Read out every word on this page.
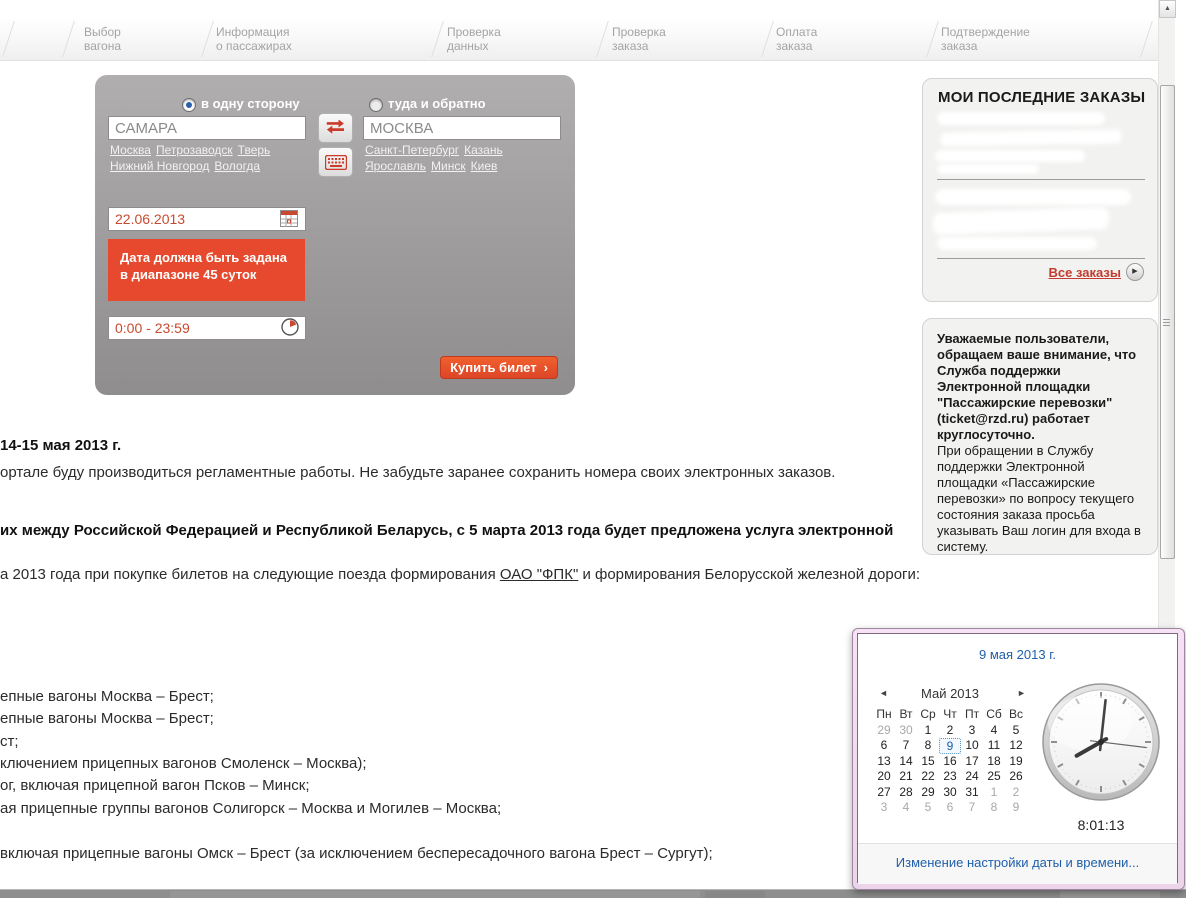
Выбор
вагона
Информация
о пассажирах
Проверка
данных
Проверка
заказа
Оплата
заказа
Подтверждение
заказа
▲
в одну сторону	туда и обратно
САМАРА
МОСКВА
Москва Петрозаводск Тверь
Нижний Новгород Вологда
Санкт-Петербург Казань
Ярославль Минск Киев
22.06.2013
Дата должна быть задана в диапазоне 45 суток
0:00 - 23:59
Купить билет ›
МОИ ПОСЛЕДНИЕ ЗАКАЗЫ
Все заказы	▶

Уважаемые пользователи, обращаем ваше внимание, что Служба поддержки Электронной площадки "Пассажирские перевозки" (ticket@rzd.ru) работает круглосуточно.

При обращении в Службу поддержки Электронной площадки «Пассажирские перевозки» по вопросу текущего состояния заказа просьба указывать Ваш логин для входа в систему.

14-15 мая 2013 г.
ортале буду производиться регламентные работы. Не забудьте заранее сохранить номера своих электронных заказов.
их между Российской Федерацией и Республикой Беларусь, с 5 марта 2013 года будет предложена услуга электронной
а 2013 года при покупке билетов на следующие поезда формирования ОАО "ФПК" и формирования Белорусской железной дороги:
епные вагоны Москва – Брест;
епные вагоны Москва – Брест;
ст;
ключением прицепных вагонов Смоленск – Москва);
ог, включая прицепной вагон Псков – Минск;
ая прицепные группы вагонов Солигорск – Москва и Могилев – Москва;
включая прицепные вагоны Омск – Брест (за исключением беспересадочного вагона Брест – Сургут);
9 мая 2013 г.
◄	Май 2013	►
Пн Вт Ср Чт Пт Сб Вс
29 30 1	2	3	4	5
6	7	8	9 10 11 12
13 14 15 16 17 18 19
20 21 22 23 24 25 26
27 28 29 30 31 1	2
3	4	5	6	7	8	9
8:01:13
Изменение настройки даты и времени...
